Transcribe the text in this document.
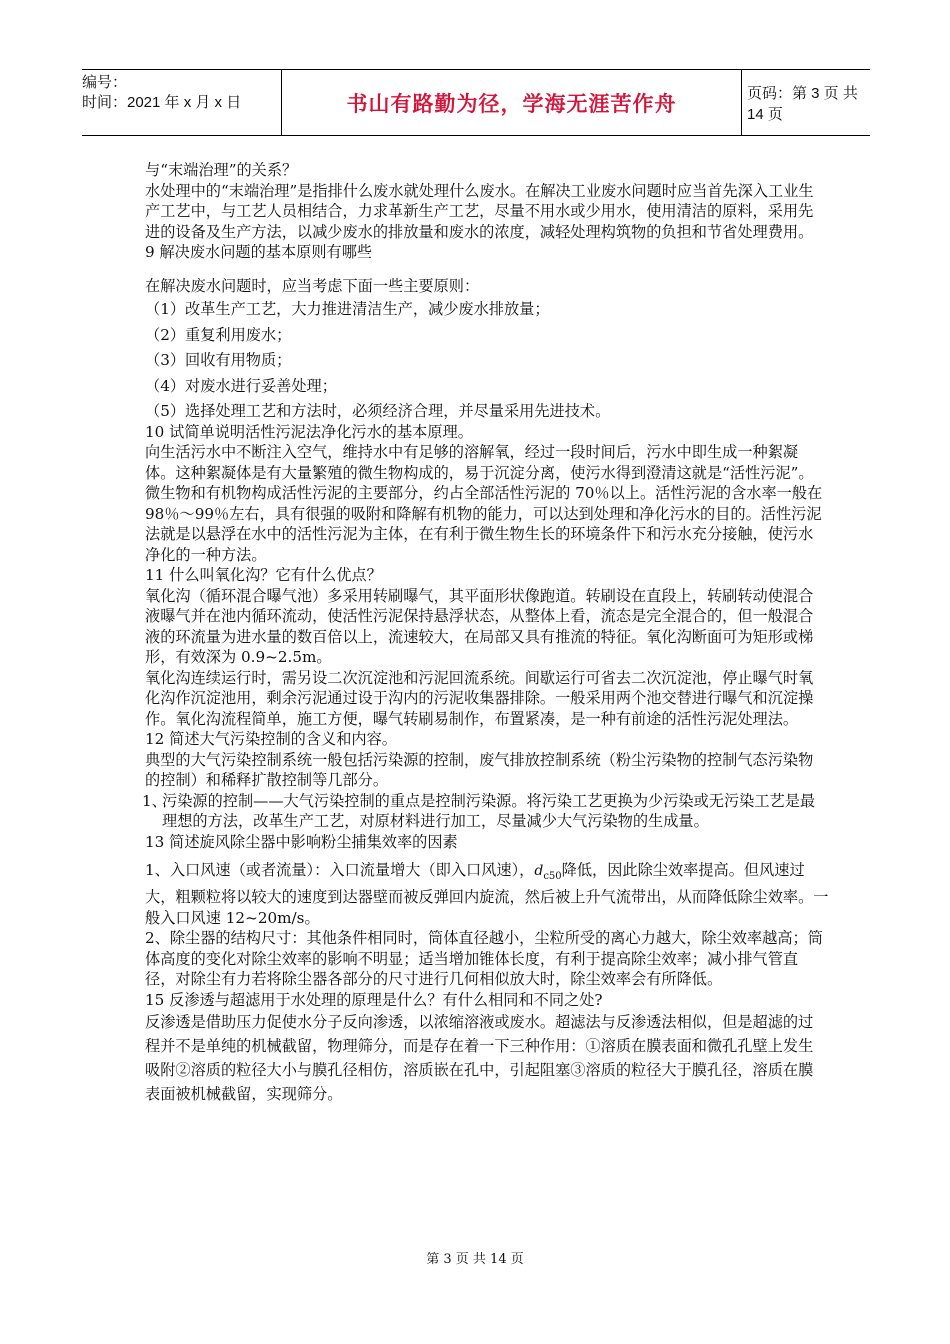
编号：
时间：2021 年 x 月 x 日	书山有路勤为径，学海无涯苦作舟	页码：第 3 页 共 14 页

与“末端治理”的关系？

水处理中的“末端治理”是指排什么废水就处理什么废水。在解决工业废水问题时应当首先深入工业生产工艺中，与工艺人员相结合，力求革新生产工艺，尽量不用水或少用水，使用清洁的原料，采用先进的设备及生产方法，以减少废水的排放量和废水的浓度，减轻处理构筑物的负担和节省处理费用。

9 解决废水问题的基本原则有哪些

在解决废水问题时，应当考虑下面一些主要原则：

（1）改革生产工艺，大力推进清洁生产，减少废水排放量；

（2）重复利用废水；

（3）回收有用物质；

（4）对废水进行妥善处理；

（5）选择处理工艺和方法时，必须经济合理，并尽量采用先进技术。

10 试简单说明活性污泥法净化污水的基本原理。

向生活污水中不断注入空气，维持水中有足够的溶解氧，经过一段时间后，污水中即生成一种絮凝体。这种絮凝体是有大量繁殖的微生物构成的，易于沉淀分离，使污水得到澄清这就是“活性污泥”。 微生物和有机物构成活性污泥的主要部分，约占全部活性污泥的 70％以上。活性污泥的含水率一般在 98％～99％左右，具有很强的吸附和降解有机物的能力，可以达到处理和净化污水的目的。活性污泥法就是以悬浮在水中的活性污泥为主体，在有利于微生物生长的环境条件下和污水充分接触，使污水净化的一种方法。

11 什么叫氧化沟？它有什么优点？

氧化沟（循环混合曝气池）多采用转刷曝气，其平面形状像跑道。转刷设在直段上，转刷转动使混合液曝气并在池内循环流动，使活性污泥保持悬浮状态，从整体上看，流态是完全混合的，但一般混合液的环流量为进水量的数百倍以上，流速较大，在局部又具有推流的特征。氧化沟断面可为矩形或梯形，有效深为 0.9~2.5m。

氧化沟连续运行时，需另设二次沉淀池和污泥回流系统。间歇运行可省去二次沉淀池，停止曝气时氧化沟作沉淀池用，剩余污泥通过设于沟内的污泥收集器排除。一般采用两个池交替进行曝气和沉淀操作。氧化沟流程简单，施工方便，曝气转刷易制作，布置紧凑，是一种有前途的活性污泥处理法。

12 简述大气污染控制的含义和内容。

典型的大气污染控制系统一般包括污染源的控制，废气排放控制系统（粉尘污染物的控制气态污染物的控制）和稀释扩散控制等几部分。

1、
污染源的控制——大气污染控制的重点是控制污染源。将污染工艺更换为少污染或无污染工艺是最理想的方法，改革生产工艺，对原材料进行加工，尽量减少大气污染物的生成量。

13 简述旋风除尘器中影响粉尘捕集效率的因素

1、入口风速（或者流量）：入口流量增大（即入口风速），$d_{c50}$降低，因此除尘效率提高。但风速过大，粗颗粒将以较大的速度到达器壁而被反弹回内旋流，然后被上升气流带出，从而降低除尘效率。一般入口风速 12~20m/s。

2、除尘器的结构尺寸：其他条件相同时，筒体直径越小，尘粒所受的离心力越大，除尘效率越高；筒体高度的变化对除尘效率的影响不明显；适当增加锥体长度，有利于提高除尘效率；减小排气管直径，对除尘有力若将除尘器各部分的尺寸进行几何相似放大时，除尘效率会有所降低。

15 反渗透与超滤用于水处理的原理是什么？有什么相同和不同之处?

反渗透是借助压力促使水分子反向渗透，以浓缩溶液或废水。超滤法与反渗透法相似，但是超滤的过程并不是单纯的机械截留，物理筛分，而是存在着一下三种作用：①溶质在膜表面和微孔孔壁上发生吸附②溶质的粒径大小与膜孔径相仿，溶质嵌在孔中，引起阻塞③溶质的粒径大于膜孔径，溶质在膜表面被机械截留，实现筛分。

第 3 页 共 14 页
